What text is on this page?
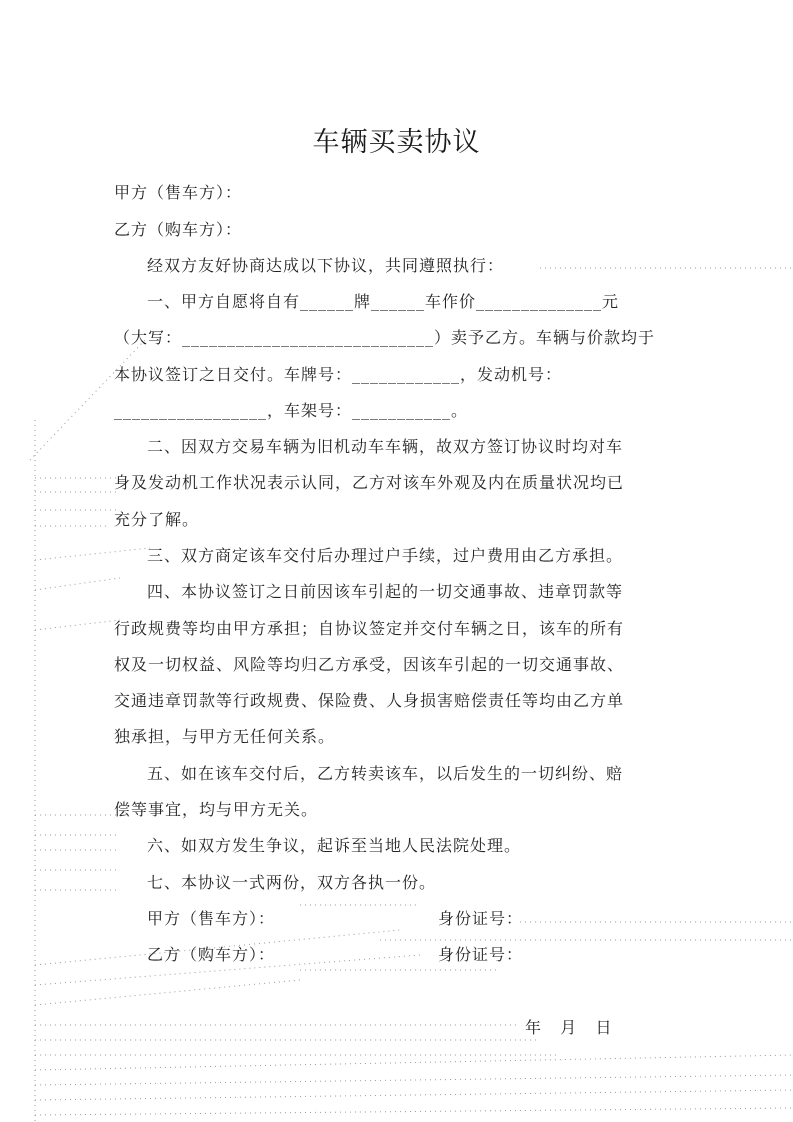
车辆买卖协议
甲方（售车方）：
乙方（购车方）：
经双方友好协商达成以下协议，共同遵照执行：
一、甲方自愿将自有______牌______车作价______________元
（大写：____________________________）卖予乙方。车辆与价款均于
本协议签订之日交付。车牌号：____________，发动机号：
_________________，车架号：___________。
二、因双方交易车辆为旧机动车车辆，故双方签订协议时均对车
身及发动机工作状况表示认同，乙方对该车外观及内在质量状况均已
充分了解。
三、双方商定该车交付后办理过户手续，过户费用由乙方承担。
四、本协议签订之日前因该车引起的一切交通事故、违章罚款等
行政规费等均由甲方承担；自协议签定并交付车辆之日，该车的所有
权及一切权益、风险等均归乙方承受，因该车引起的一切交通事故、
交通违章罚款等行政规费、保险费、人身损害赔偿责任等均由乙方单
独承担，与甲方无任何关系。
五、如在该车交付后，乙方转卖该车，以后发生的一切纠纷、赔
偿等事宜，均与甲方无关。
六、如双方发生争议，起诉至当地人民法院处理。
七、本协议一式两份，双方各执一份。
甲方（售车方）：	身份证号：
乙方（购车方）：	身份证号：
年   月   日
